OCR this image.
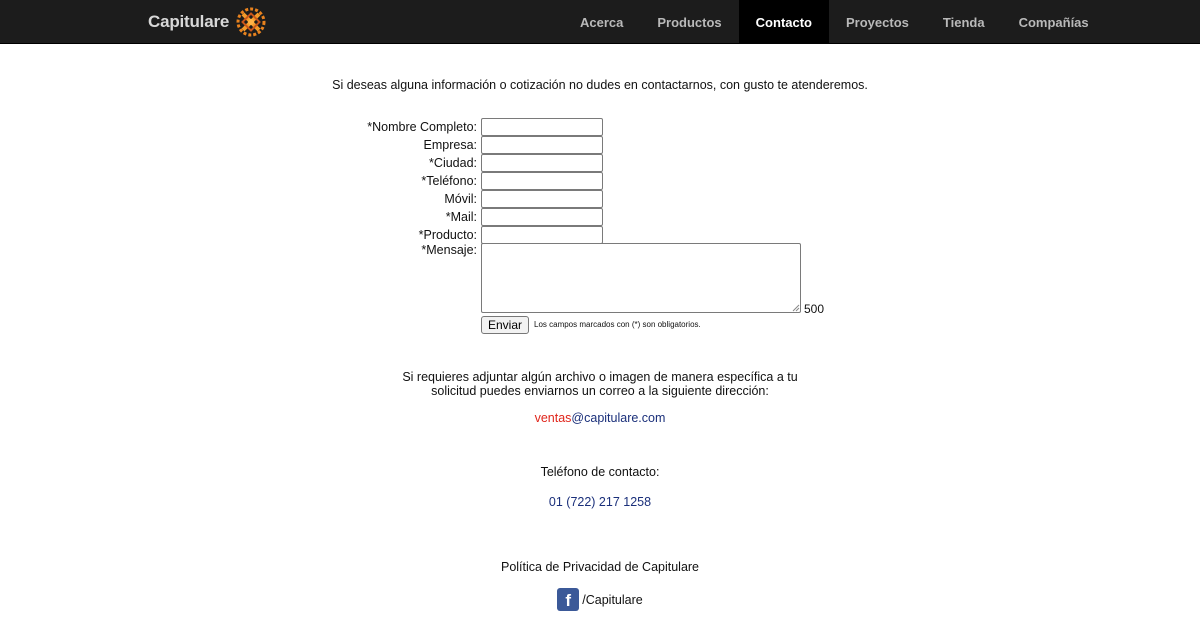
Capitulare	Acerca	Productos	Contacto	Proyectos	Tienda	Compañías
Si deseas alguna información o cotización no dudes en contactarnos, con gusto te atenderemos.
*Nombre Completo:
Empresa:
*Ciudad:
*Teléfono:
Móvil:
*Mail:
*Producto:
*Mensaje:
500
Enviar	Los campos marcados con (*) son obligatorios.
Si requieres adjuntar algún archivo o imagen de manera específica a tu
solicitud puedes enviarnos un correo a la siguiente dirección:
ventas@capitulare.com
Teléfono de contacto:
01 (722) 217 1258
Política de Privacidad de Capitulare
f /Capitulare
